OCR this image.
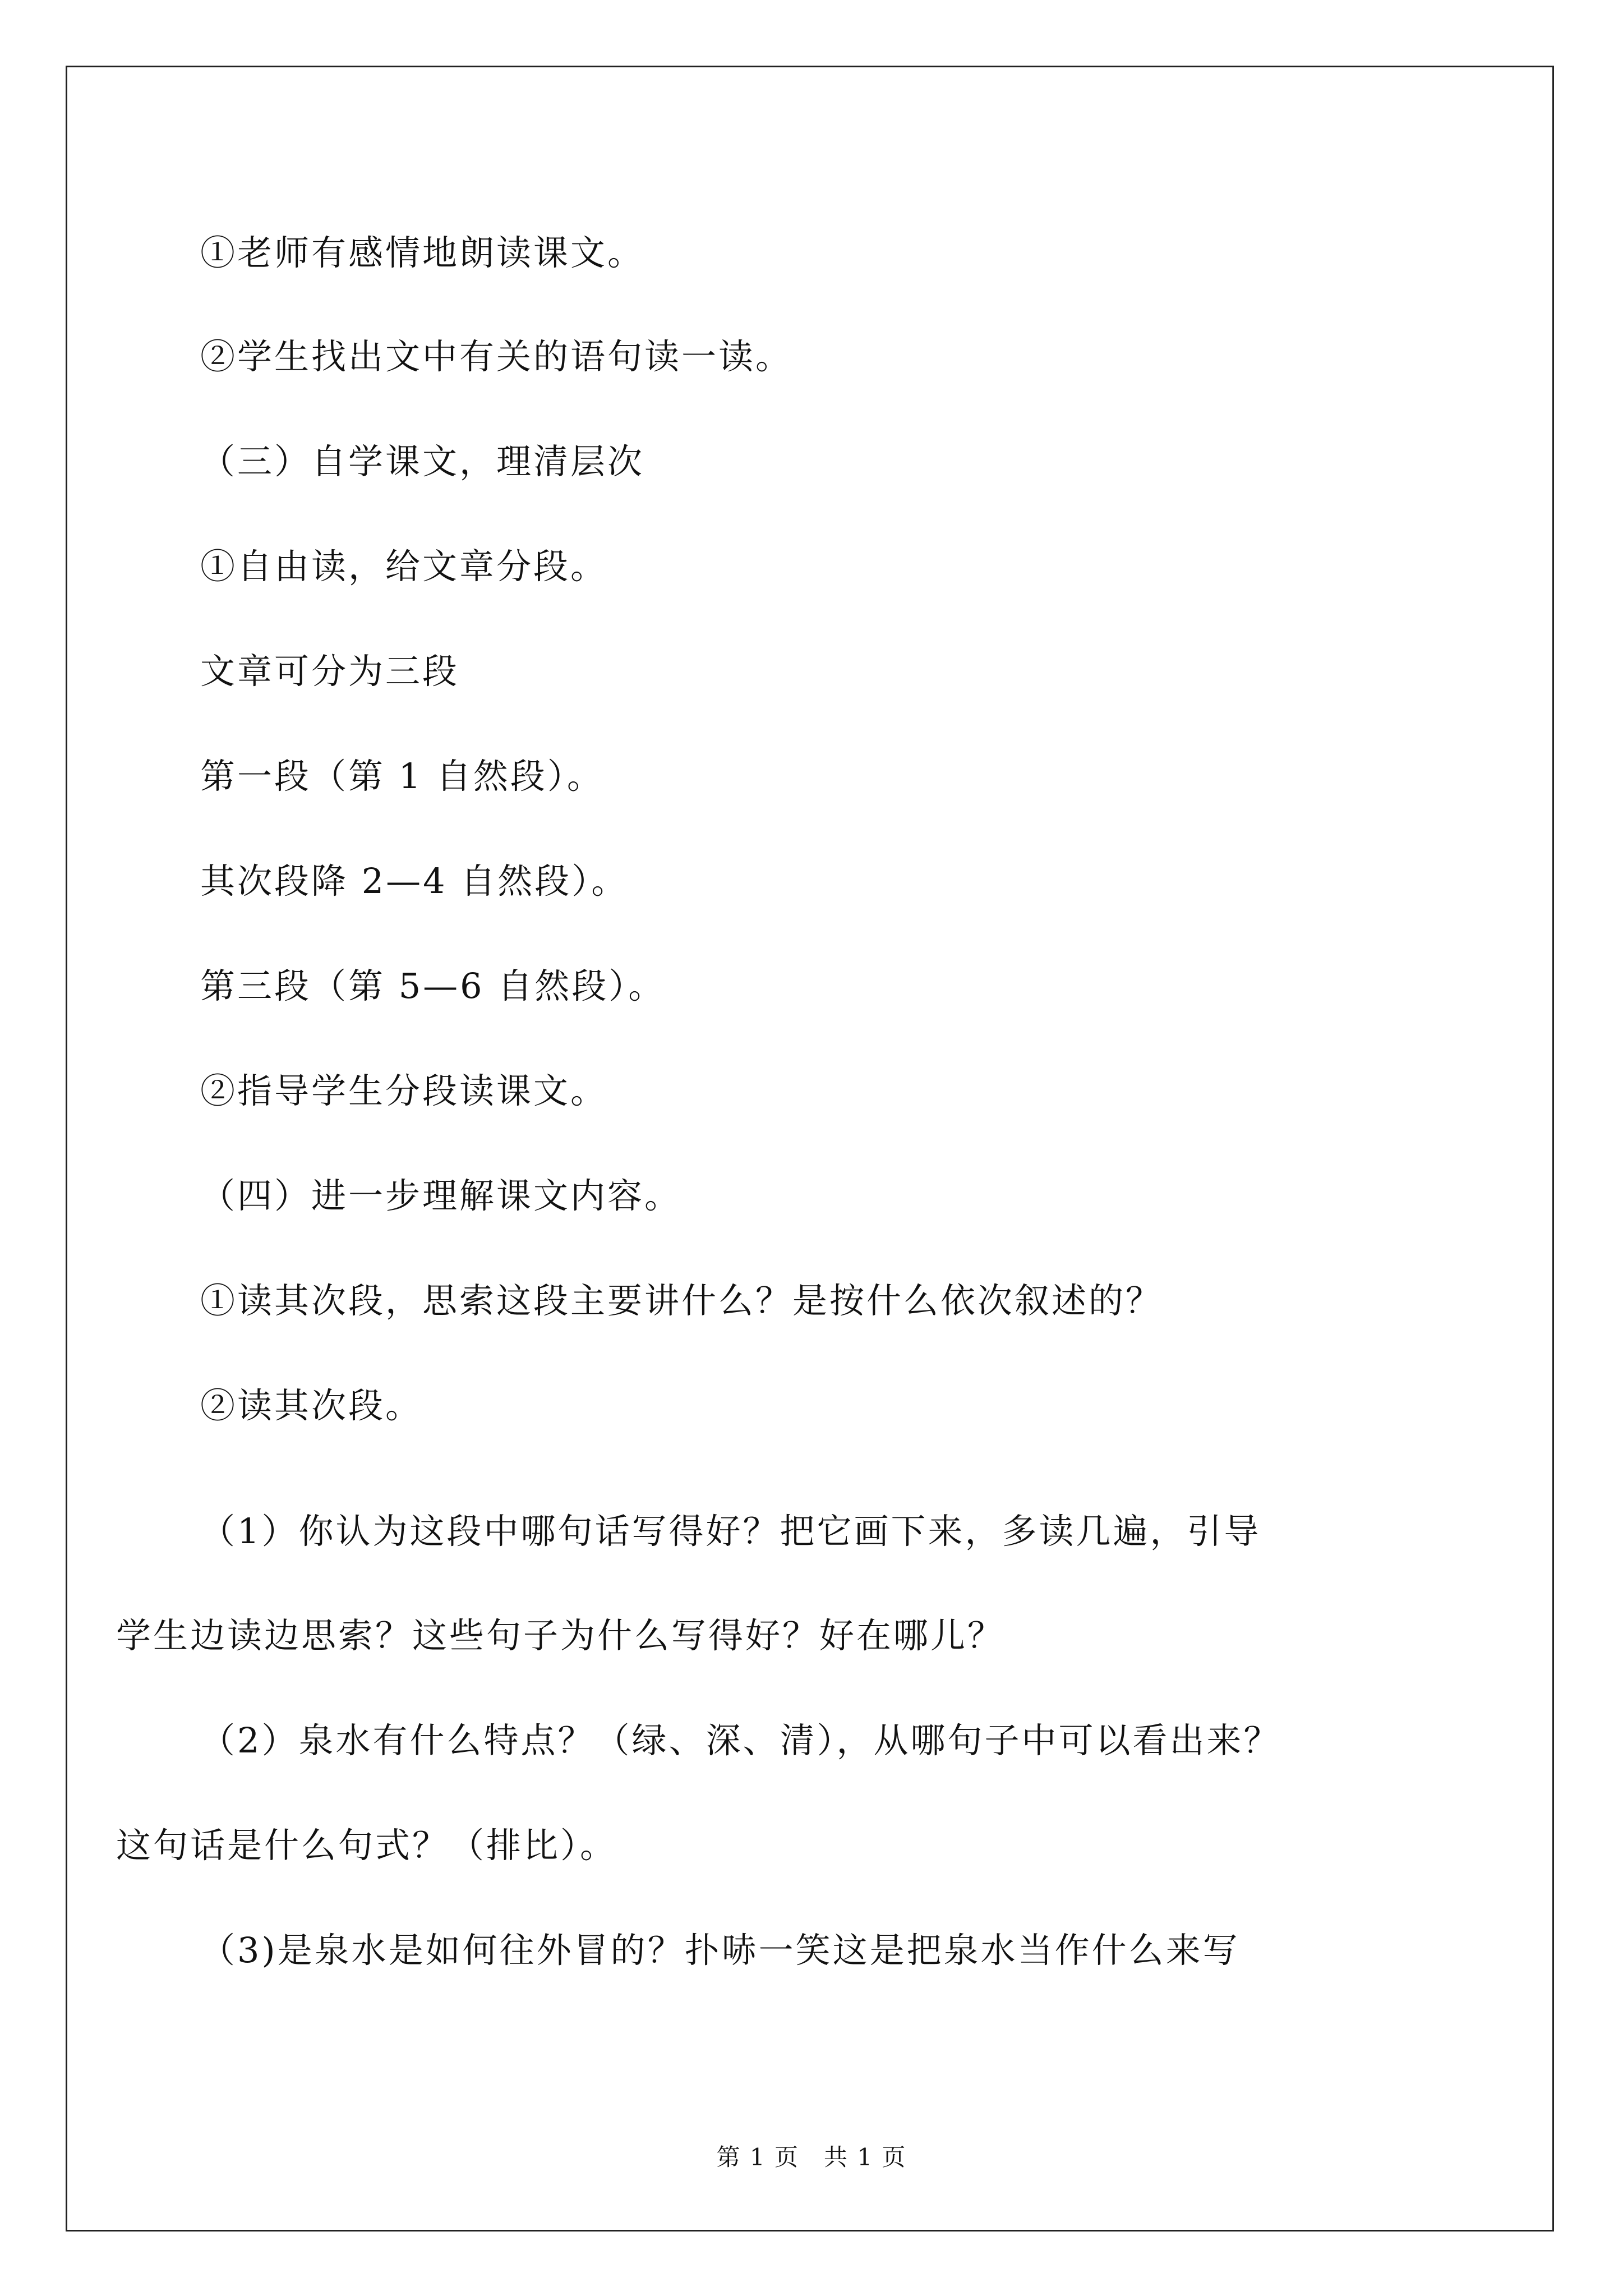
①老师有感情地朗读课文。
②学生找出文中有关的语句读一读。
（三）自学课文，理清层次
①自由读，给文章分段。
文章可分为三段
第一段（第 1 自然段）。
其次段降 2—4 自然段）。
第三段（第 5—6 自然段）。
②指导学生分段读课文。
（四）进一步理解课文内容。
①读其次段，思索这段主要讲什么？是按什么依次叙述的？
②读其次段。
（1）你认为这段中哪句话写得好？把它画下来，多读几遍，引导
学生边读边思索？这些句子为什么写得好？好在哪儿？
（2）泉水有什么特点？（绿、深、清），从哪句子中可以看出来？
这句话是什么句式？（排比）。
（3)是泉水是如何往外冒的？扑哧一笑这是把泉水当作什么来写
第 1 页　共 1 页
